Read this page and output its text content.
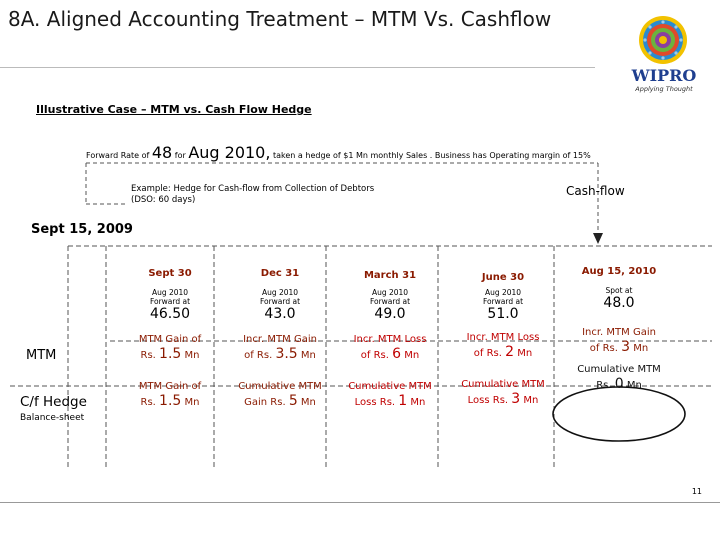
8A. Aligned Accounting Treatment – MTM Vs. Cashflow
WIPRO
Applying Thought
Illustrative Case – MTM vs. Cash Flow Hedge
Forward Rate of 48 for Aug 2010, taken a hedge of $1 Mn monthly Sales . Business has Operating margin of 15%
Example: Hedge for Cash-flow from Collection of Debtors
(DSO: 60 days)
Cash-flow
Sept 15, 2009
MTM
C/f Hedge
Balance-sheet
Sept 30
Aug 2010
Forward at
46.50
MTM Gain of
Rs. 1.5 Mn
MTM Gain of
Rs. 1.5 Mn
Dec 31
Aug 2010
Forward at
43.0
Incr. MTM Gain
of Rs. 3.5 Mn
Cumulative MTM
Gain Rs. 5 Mn
March 31
Aug 2010
Forward at
49.0
Incr. MTM Loss
of Rs. 6 Mn
Cumulative MTM
Loss Rs. 1 Mn
June 30
Aug 2010
Forward at
51.0
Incr. MTM Loss
of Rs. 2 Mn
Cumulative MTM
Loss Rs. 3 Mn
Aug 15, 2010
Spot at
48.0
Incr. MTM Gain
of Rs. 3 Mn
Cumulative MTM
Rs. 0 Mn
11
